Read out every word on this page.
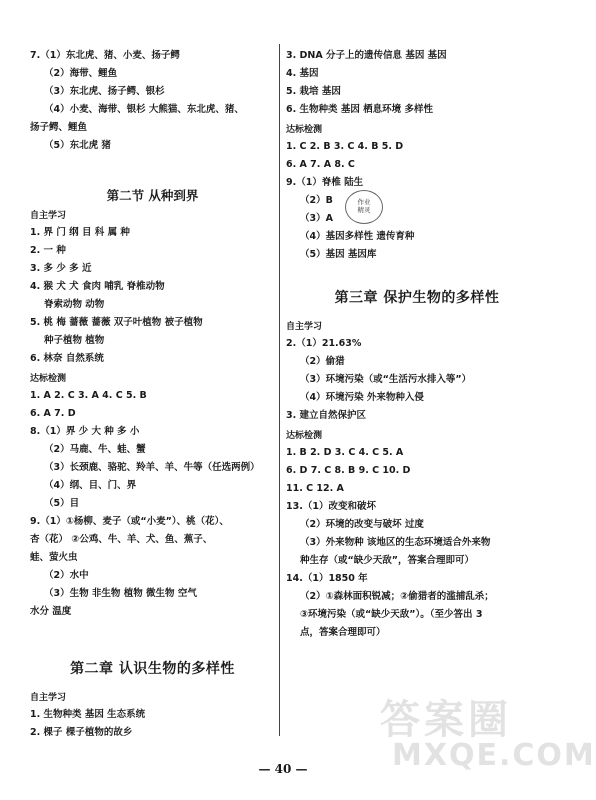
7.（1）东北虎、猪、小麦、扬子鳄
（2）海带、鲤鱼
（3）东北虎、扬子鳄、银杉
（4）小麦、海带、银杉 大熊猫、东北虎、猪、
扬子鳄、鲤鱼
（5）东北虎 猪
第二节 从种到界
自主学习
1. 界 门 纲 目 科 属 种
2. 一 种
3. 多 少 多 近
4. 猴 犬 犬 食肉 哺乳 脊椎动物
脊索动物 动物
5. 桃 梅 蔷薇 蔷薇 双子叶植物 被子植物
种子植物 植物
6. 林奈 自然系统
达标检测
1. A 2. C 3. A 4. C 5. B
6. A 7. D
8.（1）界 少 大 种 多 小
（2）马鹿、牛、蛙、蟹
（3）长颈鹿、骆驼、羚羊、羊、牛等（任选两例）
（4）纲、目、门、界
（5）目
9.（1）①杨柳、麦子（或“小麦”）、桃（花）、
杏（花） ②公鸡、牛、羊、犬、鱼、蕉子、
蛙、萤火虫
（2）水中
（3）生物 非生物 植物 微生物 空气
水分 温度
第二章 认识生物的多样性
自主学习
1. 生物种类 基因 生态系统
2. 棵子 棵子植物的故乡
3. DNA 分子上的遗传信息 基因 基因
4. 基因
5. 栽培 基因
6. 生物种类 基因 栖息环境 多样性
达标检测
1. C 2. B 3. C 4. B 5. D
6. A 7. A 8. C
9.（1）脊椎 陆生
（2）B
（3）A
（4）基因多样性 遗传育种
（5）基因 基因库
第三章 保护生物的多样性
自主学习
2.（1）21.63%
（2）偷猎
（3）环境污染（或“生活污水排入等”）
（4）环境污染 外来物种入侵
3. 建立自然保护区
达标检测
1. B 2. D 3. C 4. C 5. A
6. D 7. C 8. B 9. C 10. D
11. C 12. A
13.（1）改变和破坏
（2）环境的改变与破坏 过度
（3）外来物种 该地区的生态环境适合外来物
种生存（或“缺少天敌”，答案合理即可）
14.（1）1850 年
（2）①森林面积锐减；②偷猎者的滥捕乱杀；
③环境污染（或“缺少天敌”）。（至少答出 3
点，答案合理即可）
作业
精灵
答案圈
MXQE.COM
— 40 —
